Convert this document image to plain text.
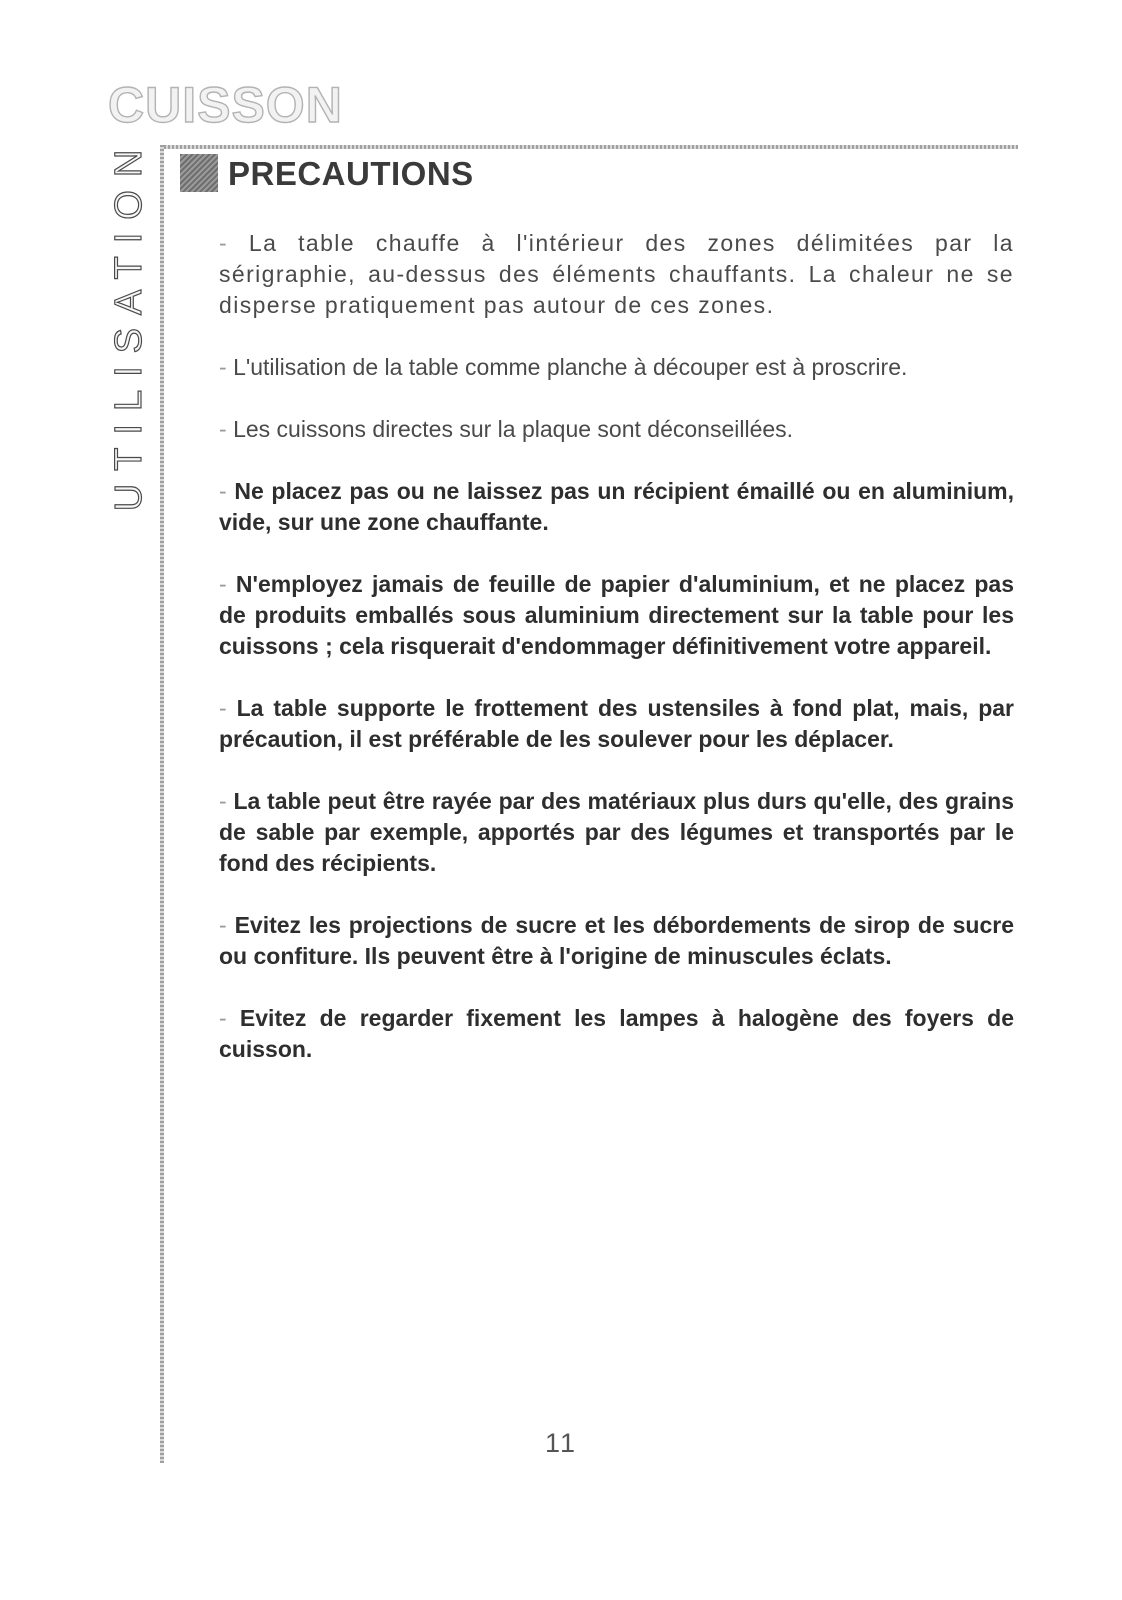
CUISSON
UTILISATION PRECAUTIONS

- La table chauffe à l'intérieur des zones délimitées par la sérigraphie, au-dessus des éléments chauffants. La chaleur ne se disperse pratiquement pas autour de ces zones.

- L'utilisation de la table comme planche à découper est à proscrire.

- Les cuissons directes sur la plaque sont déconseillées.

- Ne placez pas ou ne laissez pas un récipient émaillé ou en aluminium, vide, sur une zone chauffante.

- N'employez jamais de feuille de papier d'aluminium, et ne placez pas de produits emballés sous aluminium directement sur la table pour les cuissons ; cela risquerait d'endommager définitivement votre appareil.

- La table supporte le frottement des ustensiles à fond plat, mais, par précaution, il est préférable de les soulever pour les déplacer.

- La table peut être rayée par des matériaux plus durs qu'elle, des grains de sable par exemple, apportés par des légumes et transportés par le fond des récipients.

- Evitez les projections de sucre et les débordements de sirop de sucre ou confiture. Ils peuvent être à l'origine de minuscules éclats.

- Evitez de regarder fixement les lampes à halogène des foyers de cuisson.

11
